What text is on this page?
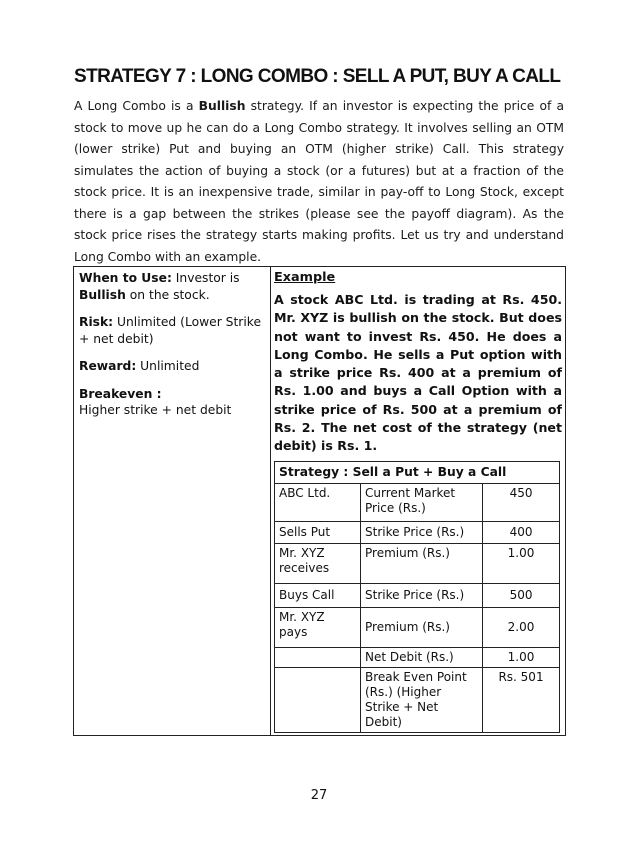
STRATEGY 7 : LONG COMBO : SELL A PUT, BUY A CALL
A Long Combo is a Bullish strategy. If an investor is expecting the price of a stock to move up he can do a Long Combo strategy. It involves selling an OTM (lower strike) Put and buying an OTM (higher strike) Call. This strategy simulates the action of buying a stock (or a futures) but at a fraction of the stock price. It is an inexpensive trade, similar in pay-off to Long Stock, except there is a gap between the strikes (please see the payoff diagram). As the stock price rises the strategy starts making profits. Let us try and understand Long Combo with an example.

When to Use: Investor is Bullish on the stock.

Risk: Unlimited (Lower Strike + net debit)

Reward: Unlimited

Breakeven :
Higher strike + net debit

Example
A stock ABC Ltd. is trading at Rs. 450. Mr. XYZ is bullish on the stock. But does not want to invest Rs. 450. He does a Long Combo. He sells a Put option with a strike price Rs. 400 at a premium of Rs. 1.00 and buys a Call Option with a strike price of Rs. 500 at a premium of Rs. 2. The net cost of the strategy (net debit) is Rs. 1.
Strategy : Sell a Put + Buy a Call		
ABC Ltd.	Current Market Price (Rs.)	450
Sells Put	Strike Price (Rs.)	400
Mr. XYZ receives	Premium (Rs.)	1.00
Buys Call	Strike Price (Rs.)	500
Mr. XYZ pays	Premium (Rs.)	2.00
	Net Debit (Rs.)	1.00
	Break Even Point (Rs.) (Higher Strike + Net Debit)	Rs. 501
27
